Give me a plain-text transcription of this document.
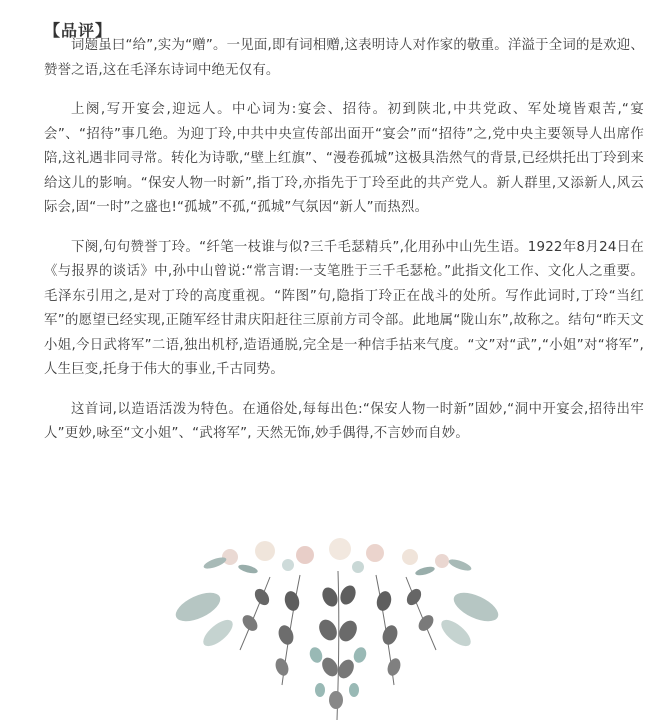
【品评】

词题虽曰“给”,实为“赠”。一见面,即有词相赠,这表明诗人对作家的敬重。洋溢于全词的是欢迎、赞誉之语,这在毛泽东诗词中绝无仅有。

上阕,写开宴会,迎远人。中心词为:宴会、招待。初到陕北,中共党政、军处境皆艰苦,“宴会”、“招待”事几绝。为迎丁玲,中共中央宣传部出面开“宴会”而“招待”之,党中央主要领导人出席作陪,这礼遇非同寻常。转化为诗歌,“壁上红旗”、“漫卷孤城”这极具浩然气的背景,已经烘托出丁玲到来给这儿的影响。“保安人物一时新”,指丁玲,亦指先于丁玲至此的共产党人。新人群里,又添新人,风云际会,固“一时”之盛也!“孤城”不孤,“孤城”气氛因“新人”而热烈。

下阕,句句赞誉丁玲。“纤笔一枝谁与似?三千毛瑟精兵”,化用孙中山先生语。1922年8月24日在《与报界的谈话》中,孙中山曾说:“常言谓:一支笔胜于三千毛瑟枪。”此指文化工作、文化人之重要。毛泽东引用之,是对丁玲的高度重视。“阵图”句,隐指丁玲正在战斗的处所。写作此词时,丁玲“当红军”的愿望已经实现,正随军经甘肃庆阳赶往三原前方司令部。此地属“陇山东”,故称之。结句“昨天文小姐,今日武将军”二语,独出机杼,造语通脱,完全是一种信手拈来气度。“文”对“武”,“小姐”对“将军”,人生巨变,托身于伟大的事业,千古同势。

这首词,以造语活泼为特色。在通俗处,每每出色:“保安人物一时新”固妙,“洞中开宴会,招待出牢人”更妙,咏至“文小姐”、“武将军”, 天然无饰,妙手偶得,不言妙而自妙。
